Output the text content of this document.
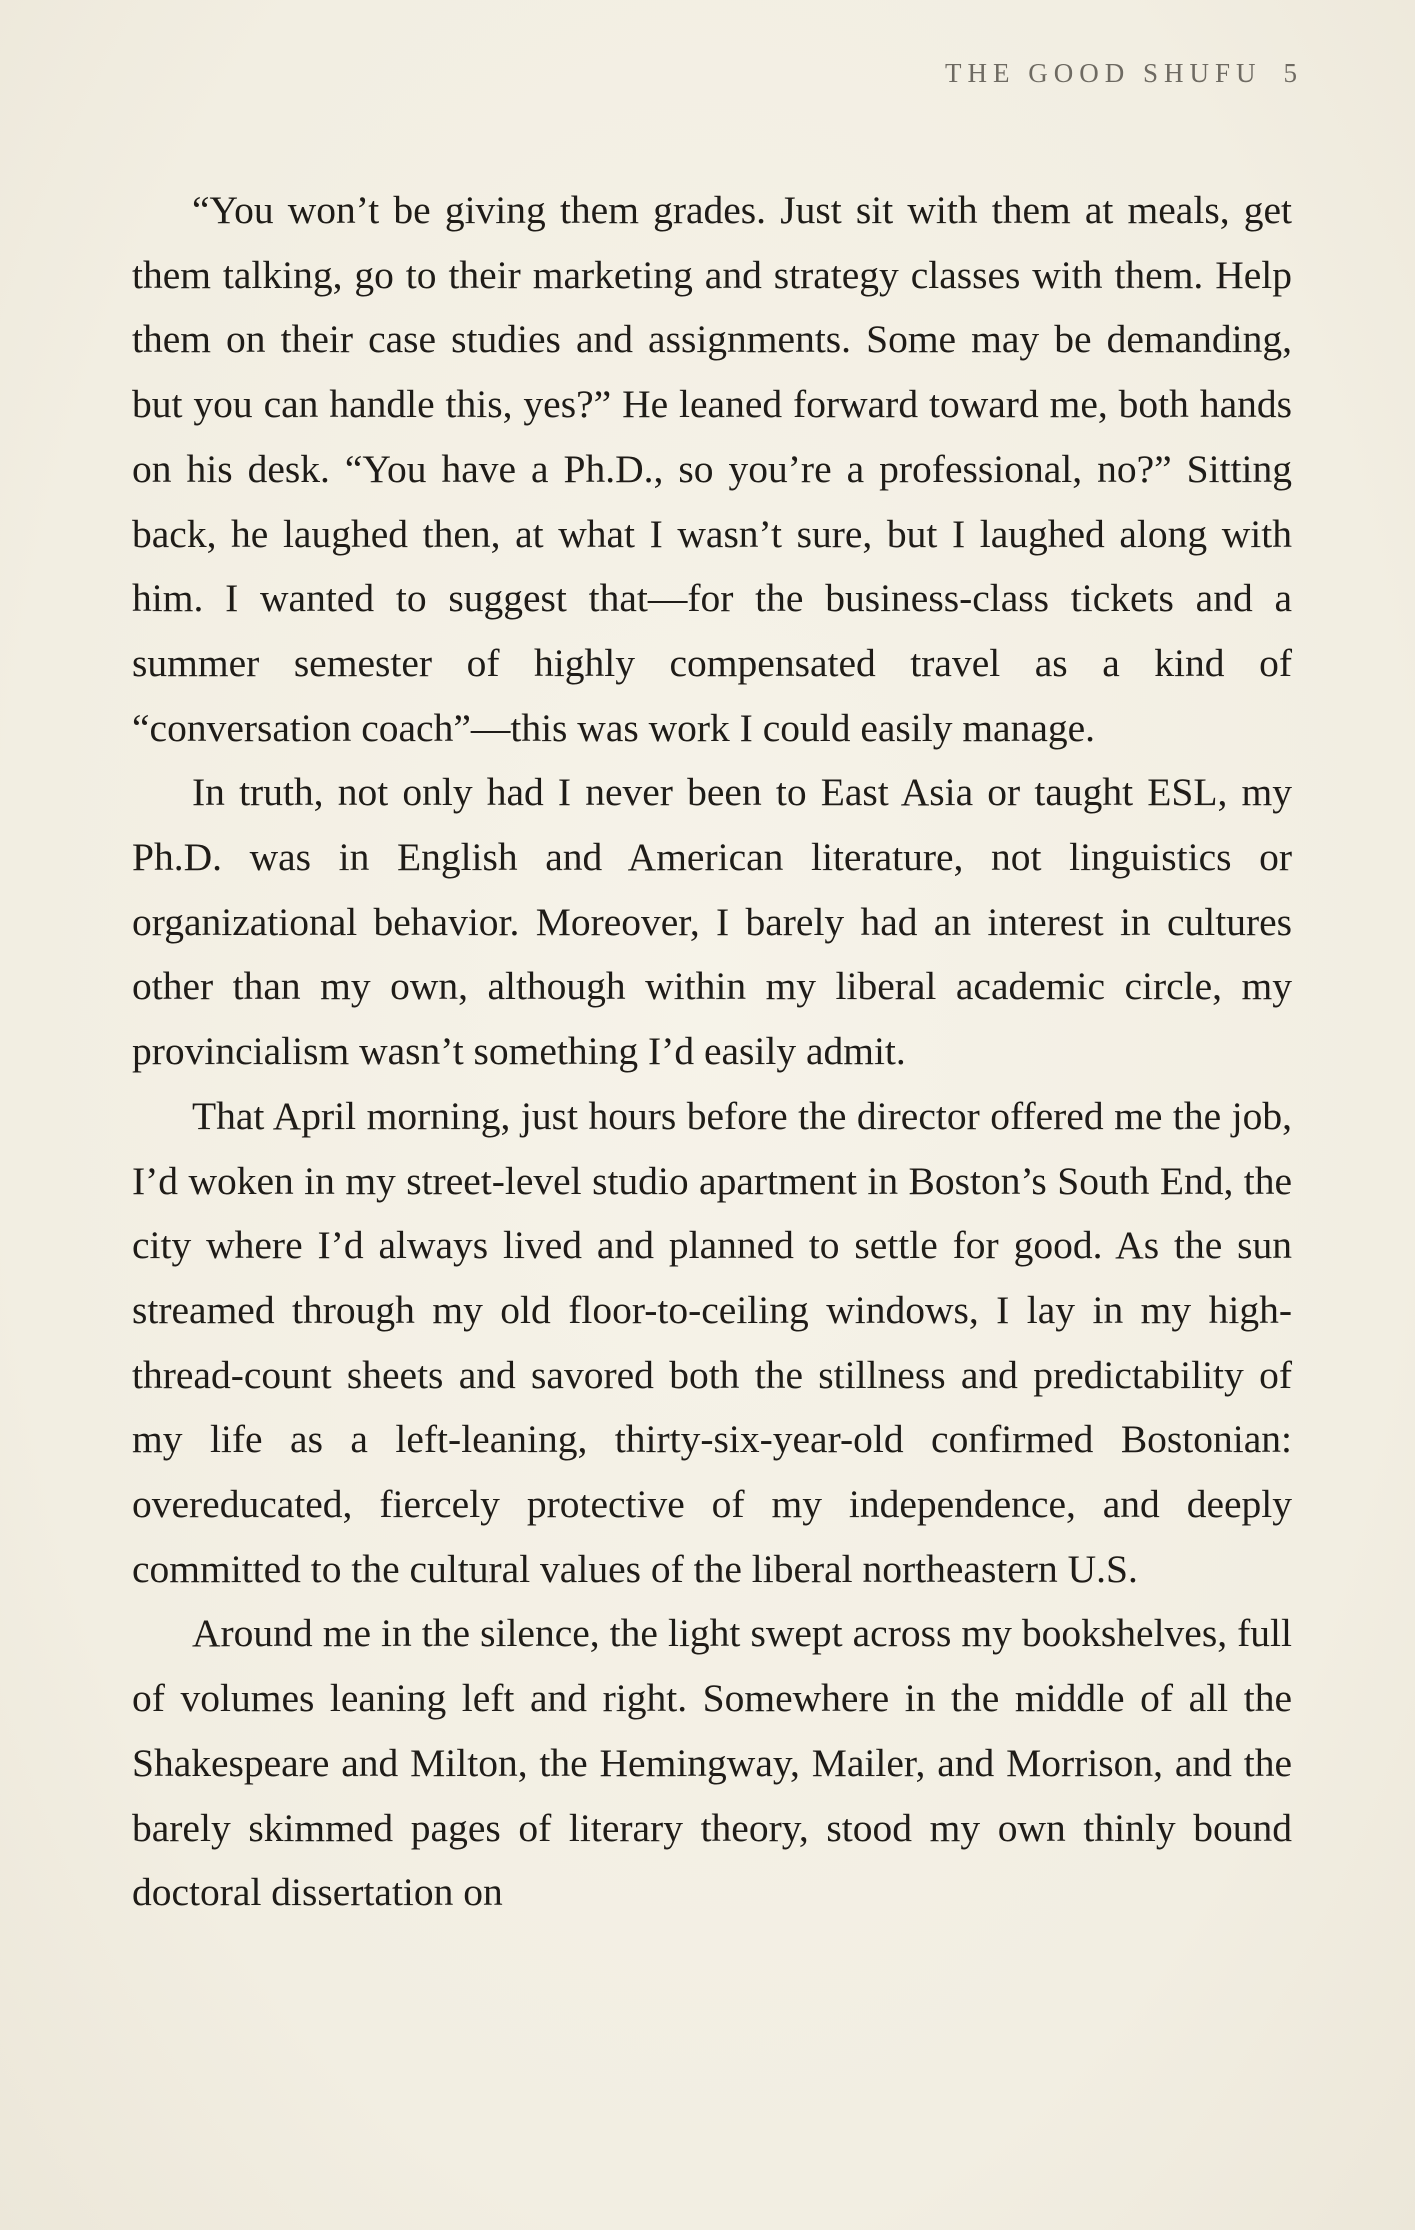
THE GOOD SHUFU 5

“You won’t be giving them grades. Just sit with them at meals, get them talking, go to their marketing and strategy classes with them. Help them on their case studies and assignments. Some may be demanding, but you can handle this, yes?” He leaned forward toward me, both hands on his desk. “You have a Ph.D., so you’re a professional, no?” Sitting back, he laughed then, at what I wasn’t sure, but I laughed along with him. I wanted to suggest that—for the business-class tickets and a summer semester of highly compensated travel as a kind of “conversation coach”—this was work I could easily manage.

In truth, not only had I never been to East Asia or taught ESL, my Ph.D. was in English and American literature, not linguistics or organizational behavior. Moreover, I barely had an interest in cultures other than my own, although within my liberal academic circle, my provincialism wasn’t something I’d easily admit.

That April morning, just hours before the director offered me the job, I’d woken in my street-level studio apartment in Boston’s South End, the city where I’d always lived and planned to settle for good. As the sun streamed through my old floor-to-ceiling windows, I lay in my high-thread-count sheets and savored both the stillness and predictability of my life as a left-leaning, thirty-six-year-old confirmed Bostonian: overeducated, fiercely protective of my independence, and deeply committed to the cultural values of the liberal northeastern U.S.

Around me in the silence, the light swept across my bookshelves, full of volumes leaning left and right. Somewhere in the middle of all the Shakespeare and Milton, the Hemingway, Mailer, and Morrison, and the barely skimmed pages of literary theory, stood my own thinly bound doctoral dissertation on
